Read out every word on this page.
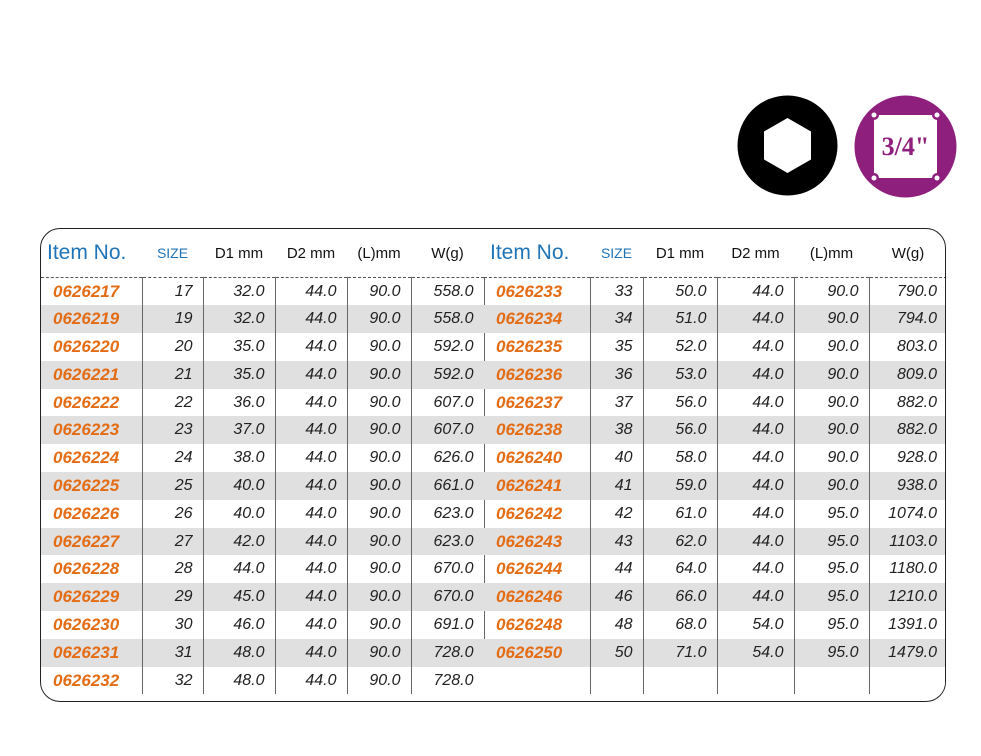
3/4"
Item No.	SIZE	D1 mm	D2 mm	(L)mm	W(g)
0626217	17	32.0	44.0	90.0	558.0
0626219	19	32.0	44.0	90.0	558.0
0626220	20	35.0	44.0	90.0	592.0
0626221	21	35.0	44.0	90.0	592.0
0626222	22	36.0	44.0	90.0	607.0
0626223	23	37.0	44.0	90.0	607.0
0626224	24	38.0	44.0	90.0	626.0
0626225	25	40.0	44.0	90.0	661.0
0626226	26	40.0	44.0	90.0	623.0
0626227	27	42.0	44.0	90.0	623.0
0626228	28	44.0	44.0	90.0	670.0
0626229	29	45.0	44.0	90.0	670.0
0626230	30	46.0	44.0	90.0	691.0
0626231	31	48.0	44.0	90.0	728.0
0626232	32	48.0	44.0	90.0	728.0
Item No.	SIZE	D1 mm	D2 mm	(L)mm	W(g)
0626233	33	50.0	44.0	90.0	790.0
0626234	34	51.0	44.0	90.0	794.0
0626235	35	52.0	44.0	90.0	803.0
0626236	36	53.0	44.0	90.0	809.0
0626237	37	56.0	44.0	90.0	882.0
0626238	38	56.0	44.0	90.0	882.0
0626240	40	58.0	44.0	90.0	928.0
0626241	41	59.0	44.0	90.0	938.0
0626242	42	61.0	44.0	95.0	1074.0
0626243	43	62.0	44.0	95.0	1103.0
0626244	44	64.0	44.0	95.0	1180.0
0626246	46	66.0	44.0	95.0	1210.0
0626248	48	68.0	54.0	95.0	1391.0
0626250	50	71.0	54.0	95.0	1479.0
